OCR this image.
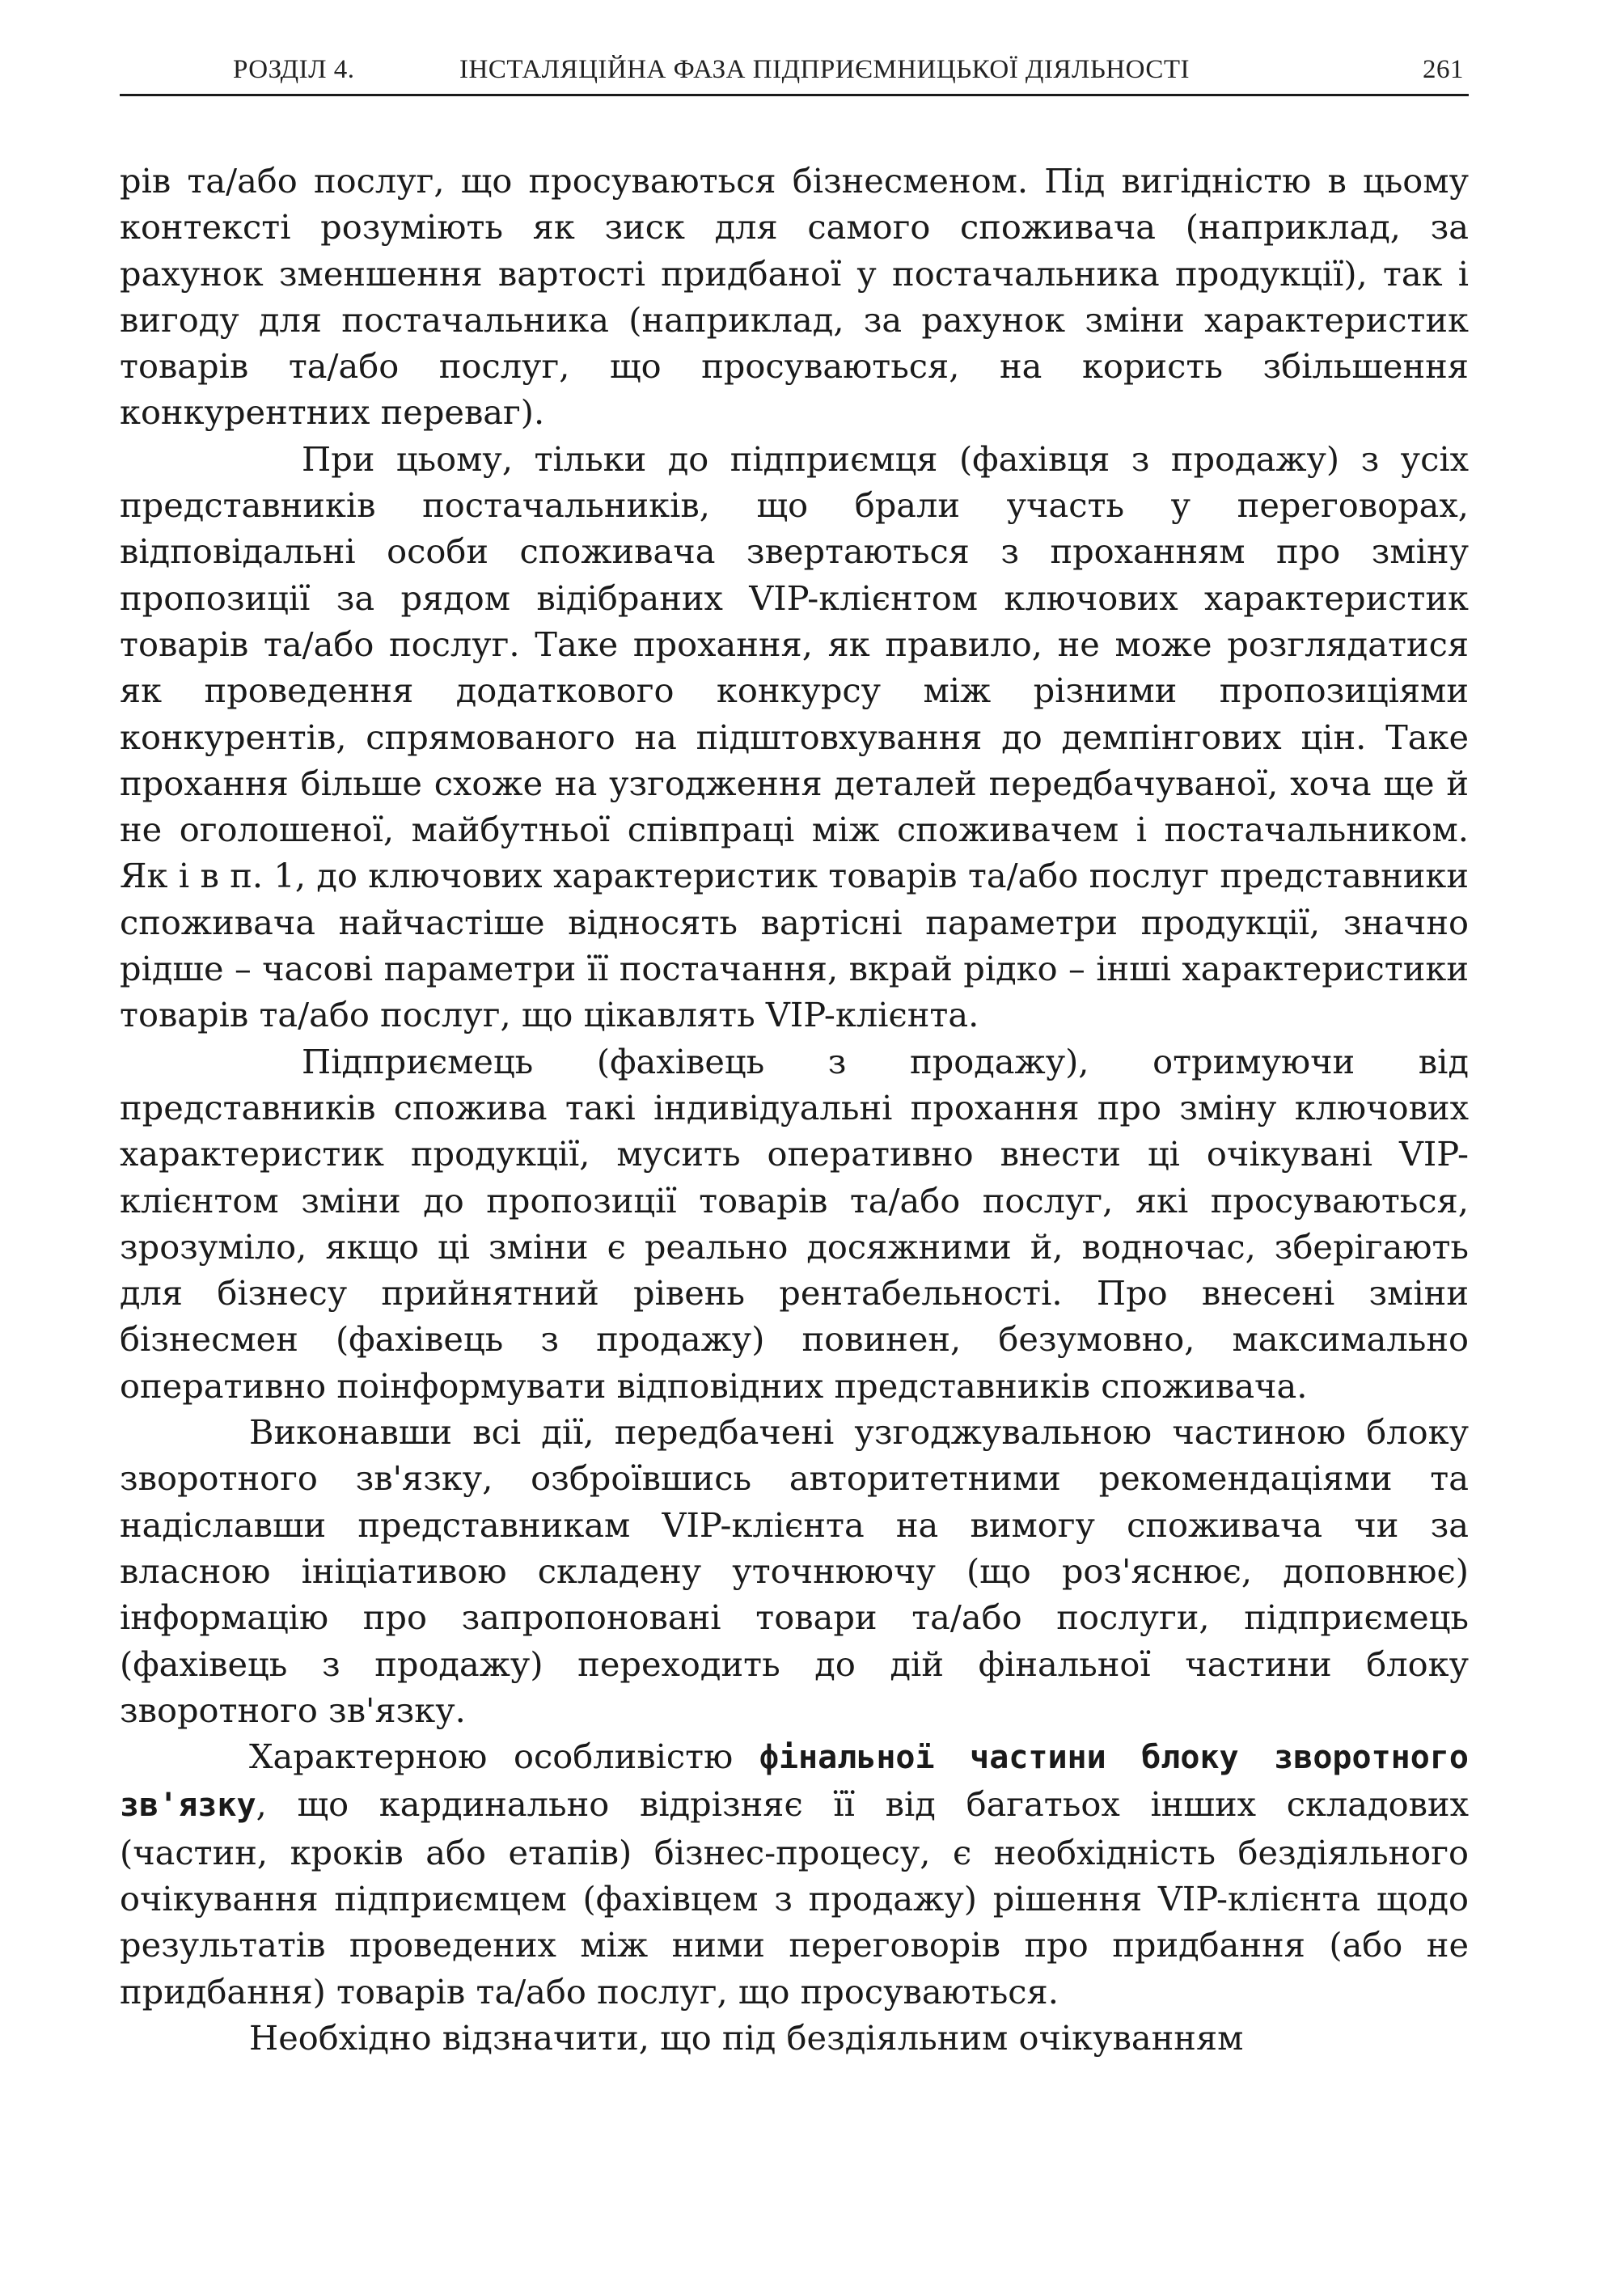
РОЗДІЛ 4.	ІНСТАЛЯЦІЙНА ФАЗА ПІДПРИЄМНИЦЬКОЇ ДІЯЛЬНОСТІ	261

рів та/або послуг, що просуваються бізнесменом. Під вигідністю в цьому контексті розуміють як зиск для самого споживача (наприклад, за рахунок зменшення вартості придбаної у постачальника продукції), так і вигоду для постачальника (наприклад, за рахунок зміни характеристик товарів та/або послуг, що просуваються, на користь збільшення конкурентних переваг).

При цьому, тільки до підприємця (фахівця з продажу) з усіх представників постачальників, що брали участь у переговорах, відповідальні особи споживача звертаються з проханням про зміну пропозиції за рядом відібраних VIP-клієнтом ключових характеристик товарів та/або послуг. Таке прохання, як правило, не може розглядатися як проведення додаткового конкурсу між різними пропозиціями конкурентів, спрямованого на підштовхування до демпінгових цін. Таке прохання більше схоже на узгодження деталей передбачуваної, хоча ще й не оголошеної, майбутньої співпраці між споживачем і постачальником. Як і в п. 1, до ключових характеристик товарів та/або послуг представники споживача найчастіше відносять вартісні параметри продукції, значно рідше – часові параметри її постачання, вкрай рідко – інші характеристики товарів та/або послуг, що цікавлять VIP-клієнта.

Підприємець (фахівець з продажу), отримуючи від представників спожива такі індивідуальні прохання про зміну ключових характеристик продукції, мусить оперативно внести ці очікувані VIP-клієнтом зміни до пропозиції товарів та/або послуг, які просуваються, зрозуміло, якщо ці зміни є реально досяжними й, водночас, зберігають для бізнесу прийнятний рівень рентабельності. Про внесені зміни бізнесмен (фахівець з продажу) повинен, безумовно, максимально оперативно поінформувати відповідних представників споживача.

Виконавши всі дії, передбачені узгоджувальною частиною блоку зворотного зв'язку, озброївшись авторитетними рекомендаціями та надіславши представникам VIP-клієнта на вимогу споживача чи за власною ініціативою складену уточнюючу (що роз'яснює, доповнює) інформацію про запропоновані товари та/або послуги, підприємець (фахівець з продажу) переходить до дій фінальної частини блоку зворотного зв'язку.

Характерною особливістю фінальної частини блоку зворотного зв'язку, що кардинально відрізняє її від багатьох інших складових (частин, кроків або етапів) бізнес-процесу, є необхідність бездіяльного очікування підприємцем (фахівцем з продажу) рішення VIP-клієнта щодо результатів проведених між ними переговорів про придбання (або не придбання) товарів та/або послуг, що просуваються.

Необхідно відзначити, що під бездіяльним очікуванням
